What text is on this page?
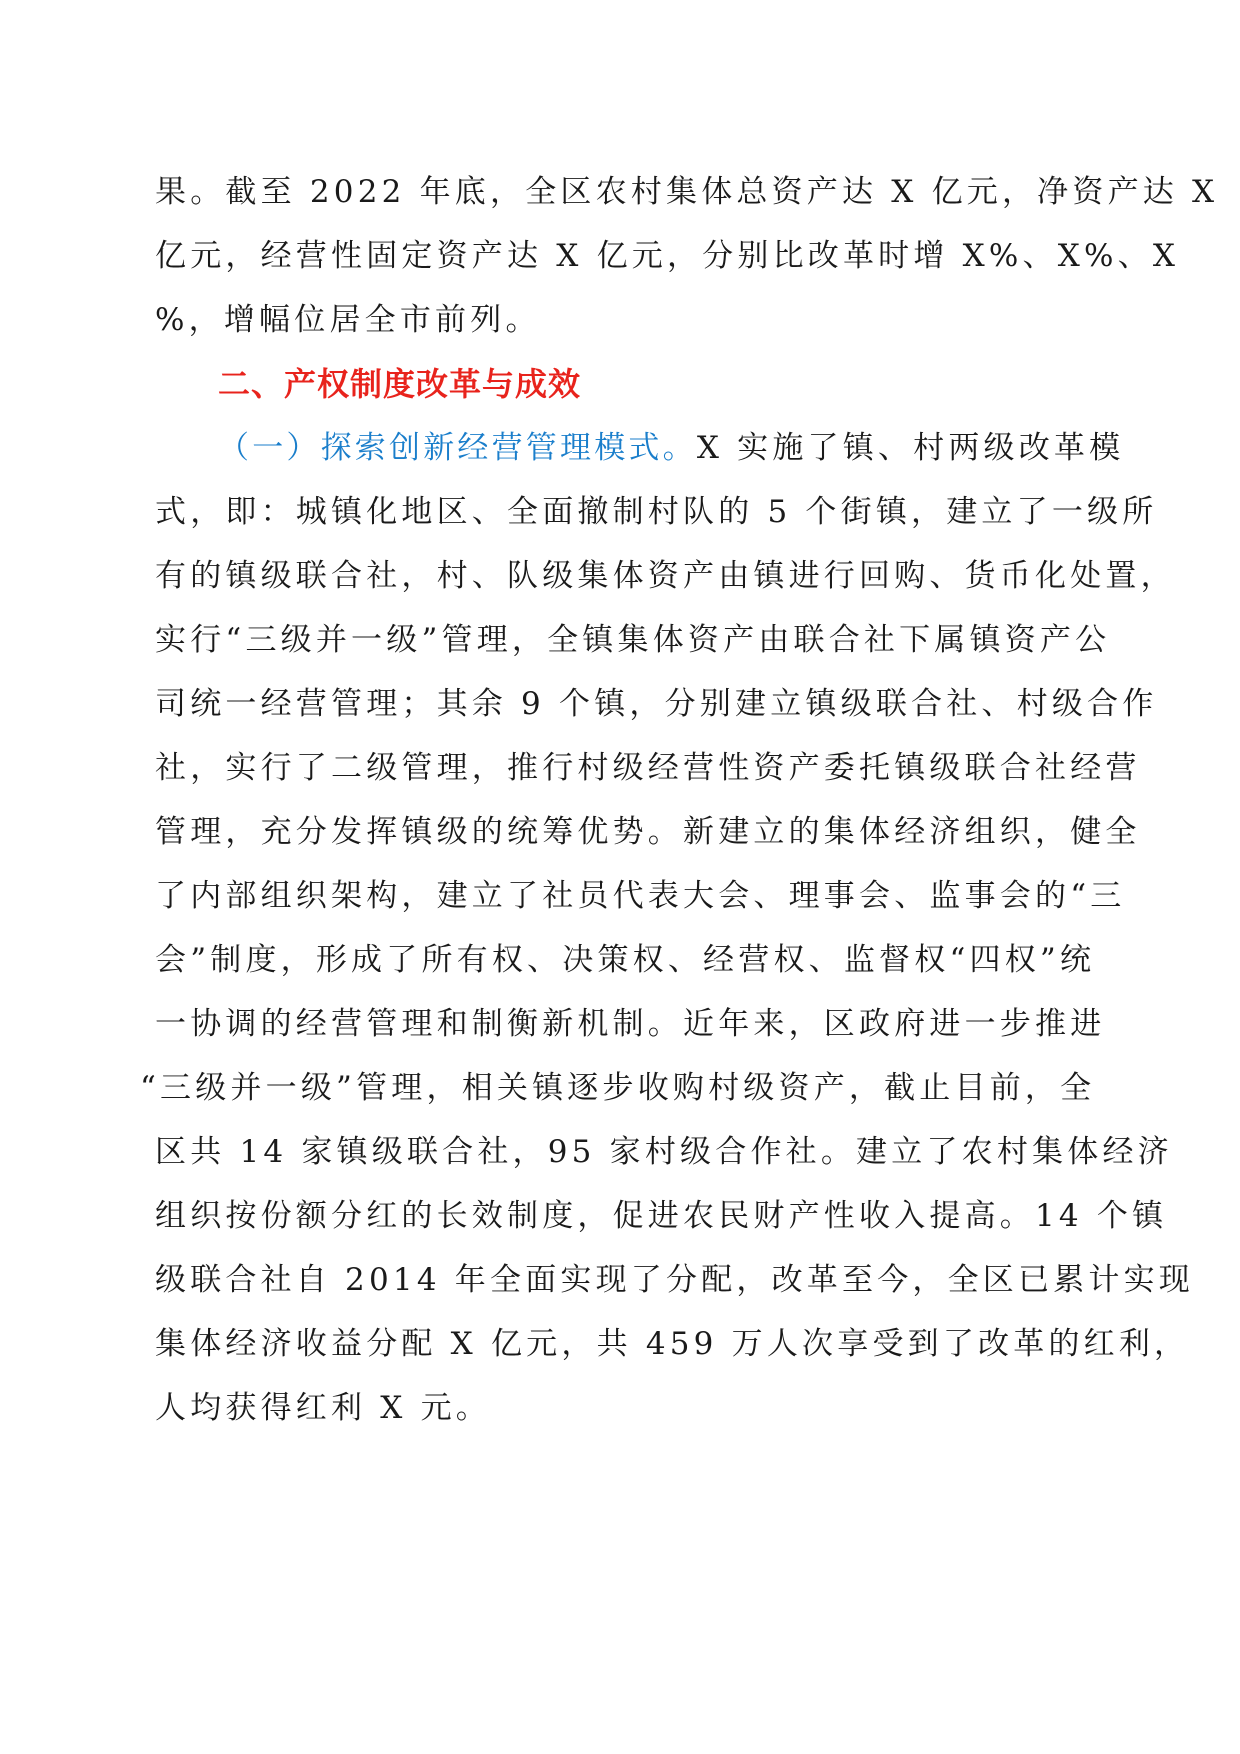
果。截至 2022 年底，全区农村集体总资产达 X 亿元，净资产达 X
亿元，经营性固定资产达 X 亿元，分别比改革时增 X%、X%、X
%，增幅位居全市前列。
二、产权制度改革与成效
（一）探索创新经营管理模式。X 实施了镇、村两级改革模
式，即：城镇化地区、全面撤制村队的 5 个街镇，建立了一级所
有的镇级联合社，村、队级集体资产由镇进行回购、货币化处置，
实行“三级并一级”管理，全镇集体资产由联合社下属镇资产公
司统一经营管理；其余 9 个镇，分别建立镇级联合社、村级合作
社，实行了二级管理，推行村级经营性资产委托镇级联合社经营
管理，充分发挥镇级的统筹优势。新建立的集体经济组织，健全
了内部组织架构，建立了社员代表大会、理事会、监事会的“三
会”制度，形成了所有权、决策权、经营权、监督权“四权”统
一协调的经营管理和制衡新机制。近年来，区政府进一步推进
“三级并一级”管理，相关镇逐步收购村级资产，截止目前，全
区共 14 家镇级联合社，95 家村级合作社。建立了农村集体经济
组织按份额分红的长效制度，促进农民财产性收入提高。14 个镇
级联合社自 2014 年全面实现了分配，改革至今，全区已累计实现
集体经济收益分配 X 亿元，共 459 万人次享受到了改革的红利，
人均获得红利 X 元。
